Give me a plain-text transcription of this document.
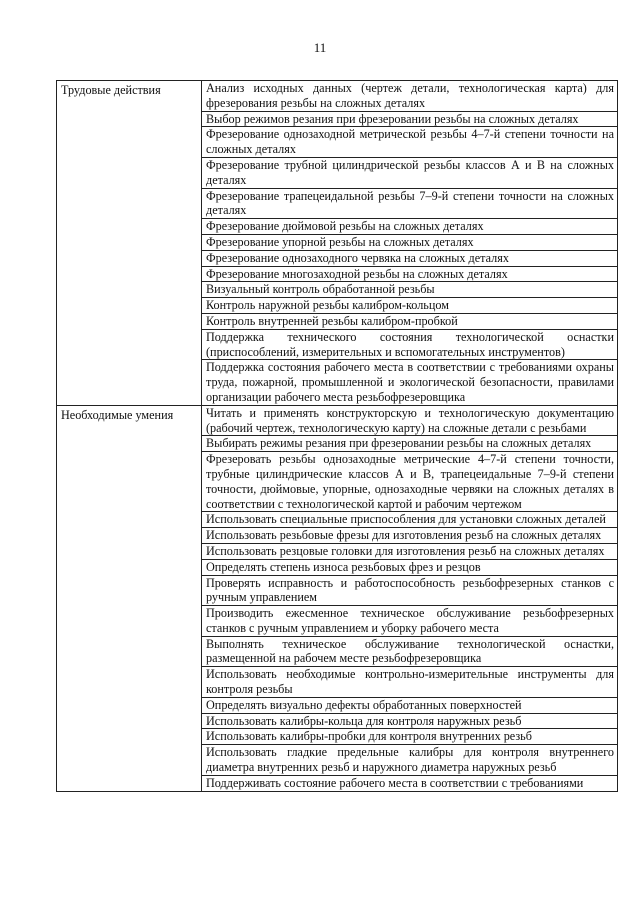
11
Трудовые действия	Анализ исходных данных (чертеж детали, технологическая карта) для фрезерования резьбы на сложных деталях
	Выбор режимов резания при фрезеровании резьбы на сложных деталях
	Фрезерование однозаходной метрической резьбы 4–7-й степени точности на сложных деталях
	Фрезерование трубной цилиндрической резьбы классов А и В на сложных деталях
	Фрезерование трапецеидальной резьбы 7–9-й степени точности на сложных деталях
	Фрезерование дюймовой резьбы на сложных деталях
	Фрезерование упорной резьбы на сложных деталях
	Фрезерование однозаходного червяка на сложных деталях
	Фрезерование многозаходной резьбы на сложных деталях
	Визуальный контроль обработанной резьбы
	Контроль наружной резьбы калибром-кольцом
	Контроль внутренней резьбы калибром-пробкой
	Поддержка технического состояния технологической оснастки (приспособлений, измерительных и вспомогательных инструментов)
	Поддержка состояния рабочего места в соответствии с требованиями охраны труда, пожарной, промышленной и экологической безопасности, правилами организации рабочего места резьбофрезеровщика
Необходимые умения	Читать и применять конструкторскую и технологическую документацию (рабочий чертеж, технологическую карту) на сложные детали с резьбами
	Выбирать режимы резания при фрезеровании резьбы на сложных деталях
	Фрезеровать резьбы однозаходные метрические 4–7-й степени точности, трубные цилиндрические классов А и В, трапецеидальные 7–9-й степени точности, дюймовые, упорные, однозаходные червяки на сложных деталях в соответствии с технологической картой и рабочим чертежом
	Использовать специальные приспособления для установки сложных деталей
	Использовать резьбовые фрезы для изготовления резьб на сложных деталях
	Использовать резцовые головки для изготовления резьб на сложных деталях
	Определять степень износа резьбовых фрез и резцов
	Проверять исправность и работоспособность резьбофрезерных станков с ручным управлением
	Производить ежесменное техническое обслуживание резьбофрезерных станков с ручным управлением и уборку рабочего места
	Выполнять техническое обслуживание технологической оснастки, размещенной на рабочем месте резьбофрезеровщика
	Использовать необходимые контрольно-измерительные инструменты для контроля резьбы
	Определять визуально дефекты обработанных поверхностей
	Использовать калибры-кольца для контроля наружных резьб
	Использовать калибры-пробки для контроля внутренних резьб
	Использовать гладкие предельные калибры для контроля внутреннего диаметра внутренних резьб и наружного диаметра наружных резьб
	Поддерживать состояние рабочего места в соответствии с требованиями
